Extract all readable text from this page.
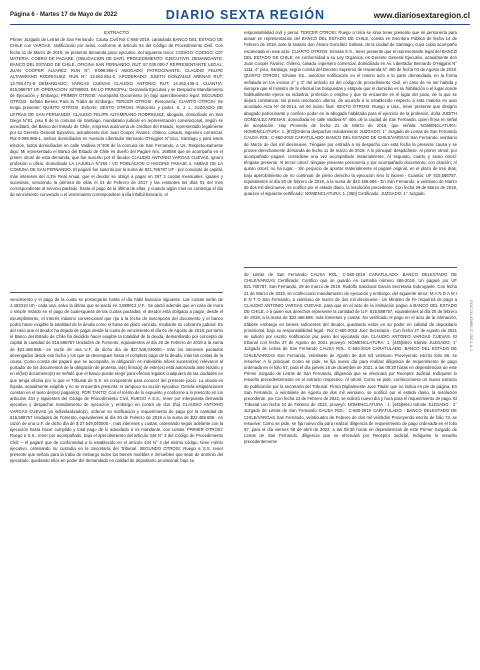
Página 6 - Martes 17 de Mayo de 2022	DIARIO SEXTA REGIÓN	www.diariosextaregion.cl
EXTRACTO

Primer Juzgado de Letras de San Fernando. Causa Civil Rol C-560-2019, caratulada BANCO DEL ESTADO DE CHILE con VARGAS. Notificación por aviso, conforme al artículo 54 del Código de Procedimiento Civil. Con fecha 11 de Marzo de 2019, se presentó demanda juicio ejecutivo, del siguiente tenor: CODIGO: CODIGO: C07 MATERIA: COBRO DE PAGARE. (OBLIGACION DE DAR). PROCEDIMIENTO: EJECUTIVO. DEMANDANTE: BANCO DEL ESTADO DE CHILE, OFICINA SAN FERNANDO. RUT: 97.030.000-7 REPRESENTANTE LEGAL: JUAN COOPER ALVAREZ RUN N°: 9.098.866-1 ABOGADO PATROCINANTE: CLAUDIO FELIPE ALTAMIRANO RODRIGUEZ, RUN N°: 13.062.851-0. APODERADO: JUDITH GONZALEZ ARENAS RUT: 13.780.471-9 DEMANDADO: VARGAS CUEVAS CLAUDIO ANTONIO RUT: 14.262.435-4. CUANTIA: 815,988757 UF. OPERACION: 82786803. EN LO PRINCIPAL: Demanda Ejecutiva y se Despache Mandamiento de Ejecución y Embargo; PRIMER OTROSI: Acompaña Documento (s) bajo apercibimiento legal; SEGUNDO OTROSI: Señala Bienes Para la Traba de Embargo; TERCER OTROSI: Personería; CUARTO OTROSI: Se tenga presente; QUINTO OTROSI: Exhorto; SEXTO OTROSI: Patrocinio y poder. S. J. L. JUZGADO DE LETRAS DE SAN FERNANDO. CLAUDIO FELIPE ALTAMIRANO RODRIGUEZ, abogado, domiciliado en San Diego N°81, piso 8 de la comuna de Santiago, mandatario judicial en representación convencional, según se acreditará, del Banco del Estado de Chile, empresa autónoma de créditos del Estado, representado legalmente por su Gerente General Ejecutivo, actualmente don Juan Cooper Álvarez, chileno, casado, ingeniero comercial, Rut 9.098.866-1, ambos domiciliados en Avenida Libertador Bernardo O'Higgins N°1111, Santiago y para estos efectos, todos domiciliados en calle Valdivia N°406 de la comuna de San Fernando, a Us. Respetuosamente digo: Mi representado el Banco del Estado de Chile es dueño del Pagaré Nro. 168566 que se acompaña en el primer otrosí de esta demanda, que fue suscrito por el deudor CLAUDIO ANTONIO VARGAS CUEVAS, ignoro profesión u oficio, domiciliado LA LAJUELA N°250 / VG POBLACION O HIGGINS PASAJE 4, AMBAS DE LA COMUNA DE SAN FERNANDO. El pagaré fue suscrito por la suma de 821,765787 UF - por concepto de capital, más intereses del 4,3% Real Anual, que el deudor se obligó a pagar en 297 2 cuotas mensuales, iguales y sucesivas, venciendo la primera de ellas el 01 de Febrero de 2017 y las restantes los días 01 del mes correspondiente al servicio pactado, hasta el pago de la última de ellas, y cuando algún mes no contenga el día de vencimiento convenido o el vencimiento correspondiere a día inhábil bancario, el

vencimiento y el pago de la cuota se postergarán hasta el día hábil bancario siguiente. Las cuotas serán de 4,463310 UF.- cada una, salvo la última que se pactó en 3,988912 U.F.- Se pactó además que en caso de mora o simple retardo en el pago de cualesquiera de las cuotas pactadas, el deudor está obligado a pagar, desde el incumplimiento, el interés máximo convencional que rija a la fecha de suscripción del documento y el banco podrá hacer exigible la totalidad de la deuda como si fuese de plazo vencido, mediante su cobranza judicial. Es del caso que el deudor ha dejado de pagar desde la cuota de vencimiento el día 01 de Agosto de 2018, por tanto el Banco del Estado de Chile ha decidido hacer exigible la totalidad de la deuda, demandando por concepto de capital la cantidad de 815,588757 Unidades de Fomento, equivalentes al día 20 de Febrero de 2019 a la suma de $22.468.686.- en razón de una U.F. de dicho día de $27.549,040000.- más los intereses pactados devengados desde esa fecha y los que se devenguen hasta el completo pago de la deuda, más las costas de la causa. Como consta del pagaré que se acompaña, la obligación es indivisible a/loss sucesor(es) relevaron al portador de los documentos de la obligación de protesto, la(s) firma(s) de este(os) está autorizada ante Notario y en el(los) documento(s) se señaló que el banco puede elegir para efectos legales cualquiera de las ciudades en que tenga oficina por lo que el Tribunal de S.S. es competente para conocer del presente juicio. La deuda es líquida, actualmente exigible y no se encuentra prescrita, ni tampoco su acción ejecutiva. Demás estipulaciones constan en el texto del(os) pagaré(s). POR TANTO; Con el mérito de lo expuesto y conforme a lo prescrito en los artículos 434 y siguientes del Código de Procedimiento Civil, RUEGO A S.S., tener por interpuesta demanda ejecutiva y despachar mandamiento de ejecución y embargo en contra de don (ña) CLAUDIO ANTONIO VARGAS CUEVAS ya individualizado(s), ordenar su notificación y requerimiento de pago por la cantidad de 815,588757 Unidades de Fomento, equivalentes al día 20 de Febrero de 2019 a la suma de $22.468.686.- en razón de una U.F. de dicho día de $ 27.549,040000.-, más intereses y costas, ordenando seguir adelante con la ejecución hasta hacer cumplido y total pago de lo adeudado a mi mandante, con costas. PRIMER OTROSI: Ruego a S.S., tener por acompañado, bajo el apercibimiento del artículo 346 N° 3 del Código de Procedimiento Civil: – el pagaré que de conformidad a lo establecido en el artículo 434 N° 4 del mismo código, tiene mérito ejecutivo, ordenando su custodia en la Secretaría del Tribunal. SEGUNDO OTROSI: Ruego a S.S. tener presente que señalo para la traba de embargo todos los bienes muebles e inmuebles que sean de dominio del ejecutado, quedando ellos en poder del demandado en calidad de depositario provisional, bajo su

responsabilidad civil y penal. TERCER OTROSI: Ruego a Usía se sirva tener presente que mi personería para actuar en representación del BANCO DEL ESTADO DE CHILE, consta en Escritura Pública de fecha 14 de Febrero de 2019, ante la Notario don Álvaro González Salinas, de la ciudad de Santiago, cuya copia acompaño escaneada en este acto. CUARTO OTROSI: Sírvase S.S., tener presente que el representante legal del BANCO DEL ESTADO DE CHILE, en conformidad a su Ley Orgánica, es Gerente General Ejecutivo, actualmente don Juan Cooper Álvarez, chileno, casado, ingeniero comercial, domiciliado en Av. Libertador Bernardo O'Higgins N° 1111, 4° piso, Santiago, según consta del Decreto Supremo de Hacienda N° 460 de fecha 03 de Agosto de 2018. QUINTO OTROSI: Sírvase SS., autorizar notificación en el mismo acto a la parte demandada, en la forma señalada en los incisos 2° y 3° del artículo 44 del código de procedimiento Civil, en caso de no ser habida y siempre que el ministro de fe efectué las búsquedas y estipule que el domicilio es su habitación o el lugar donde habitualmente ejerce su industria, profesión o empleo y que se encuentre en el lugar del juicio, de lo que se dejara constancia, sin previa resolución ulterior, de acuerdo a lo establecido respecto a esta materia en auto acordado Acta Nº 44-2014, art 60 inciso final. SEXTO OTROSI: Ruego a Usa., tener presente que designo abogado patrocinante y confiero poder en la abogada habilitada para el ejercicio de la profesión, doña JUDITH GONZALEZ ARENAS, domiciliada en calle Valdivia N° 406, de la ciudad de San Fernando, quien firma en señal de aceptación. Hay Proveído de fecha 21 de Marzo de 2019, que señala: NOMENCLATURA: NOMENCLATURA: 1. [872]Ordena despachar mandamiento JUZGADO: 1° Juzgado de Letras de San Fernando CAUSA ROL: C-560-2019 CARATULADO: BANCO DEL ESTADO DE CHILE/VARGAS San Fernando, veintiuno de Marzo de dos mil diecinueve. Téngase por entrada a mi despacho con esta fecha la presente causa y se provee derechamente demanda de fecha 11 de marzo de 2019: A lo principal: despáchese. Al primer otrosí: por acompañado pagaré, custódiese una vez acompañado materialmente; Al segundo, cuarto y sexto otrosí: téngase presente; Al tercer otrosí: téngase presente personería y por acompañado documento, con citación; Al quinto otrosí: no ha lugar. - Sin perjuicio de aportar materialmente el pagaré original, en el plazo de tres días, bajo apercibimiento de no continuar de pleno derecho la ejecución sino lo hiciere.- Cuantía: UF 815,588757, equivalentes al día 20 de febrero de 2019, a la suma de $22.468.686.- En San Fernando, a veintiuno de Marzo de dos mil diecinueve, se notificó por el estado diario, la resolución precedente. Con fecha 29 de Marzo de 2019, quarece el siguiente certificado: NOMENCLATURA: 1. [360] Certificado. JUZGADO: 1° Juzgado

de Letras de San Fernando CAUSA ROL: C-560-2019 CARATULADO: BANCO DELESTADO DE CHILE/VARGAS Certificado: Certifico que se guardó en custodia número 466-2019. Un pagaré por UF 821.765787. San Fernando, 29 de marzo de 2019. Rodolfo Sandoval García Secretaria Subrogante. Con fecha 21 de Marzo de 2019, se confeccionó mandamiento de ejecución y embargo, del siguiente tenor: M A N D A M I E N T O San Fernando, a veintiuno de marzo de dos mil diecinueve.- Un Ministro de Fe requerirá de pago a CLAUDIO ANTONIO VARGAS CUEVAS, para que en el acto de la intimación pague a BANCO DEL ESTADO DE CHILE, o a quien sus derechos represente la cantidad de U.F. 815,588757, equivalentes al día 20 de febrero de 2019, a la suma de $22.468.686, más intereses y costas. No verificado el pago en el acto de la intimación, trábese embargo en bienes suficientes del deudor, quedando estos en su poder en calidad de depositario provisional, bajo su responsabilidad legal.- Rol C-560-2019 Juez Secretaria.- Con fecha 27 de Agosto de 2021 se solicitó por escrito notificación por aviso del ejecutado don CLAUDIO ANTONIO VARGAS CUEVAS. El tribunal con fecha 27 de Agosto de 2021 proveyó: NOMENCLATURA: 1. [445]Mero trámite JUZGADO: 1° Juzgado de Letras de San Fernando CAUSA ROL: C-560-2019 CARATULADO: BANCO DEL ESTADO DE CHILE/VARGAS San Fernando, veintisiete de Agosto de dos mil veintiuno Proveyendo escrito folio 66, se resuelve: A lo principal: Como se pide, se fija nuevo día para realizar diligencia de requerimiento de pago ordenada en el folio 67, para el día jueves 16 de diciembre de 2021, a las 09:30 horas en dependencias de este Primer Juzgado de Letras de San Fernando, diligencia que se efectuará por Receptor Judicial. Indíquese lo resuelto precedentemente en el extracto respectivo. Al otrosí: Como se pide, confecciónese un nuevo extracto de publicación por la secretaría del Tribunal. Firma Digitalmente Juez Titular que no indica en pie de página. En San Fernando, a veintisiete de Agosto de dos mil veintiuno, se notificó por el estado diario, la resolución precedente. por Con fecha 22 de Febrero de 2022, se solicitó nuevo día y hora para el requerimiento de pago. El Tribunal con fecha 24 de Febrero de 2022, proveyó: NOMENCLATURA : 1. [445]Mero trámite JUZGADO : 1° Juzgado de Letras de San Fernando CAUSA ROL : C-560-2019 CARATULADO : BANCO DELESTADO DE CHILE/VARGAS San Fernando, veinticuatro de Febrero de dos mil veintidós Proveyendo escrito de folio 73, se resuelve: Como se pide, se fija nuevo día para realizar diligencia de requerimiento de pago ordenada en el folio 67, para el día viernes 08 de abril de 2022, a las 09:30 horas en dependencias de este Primer Juzgado de Letras de San Fernando, diligencia que se efectuará por Receptor Judicial. Indíquese lo resuelto precedentemente

DOC-00-42689-27-GE-1-4-J
